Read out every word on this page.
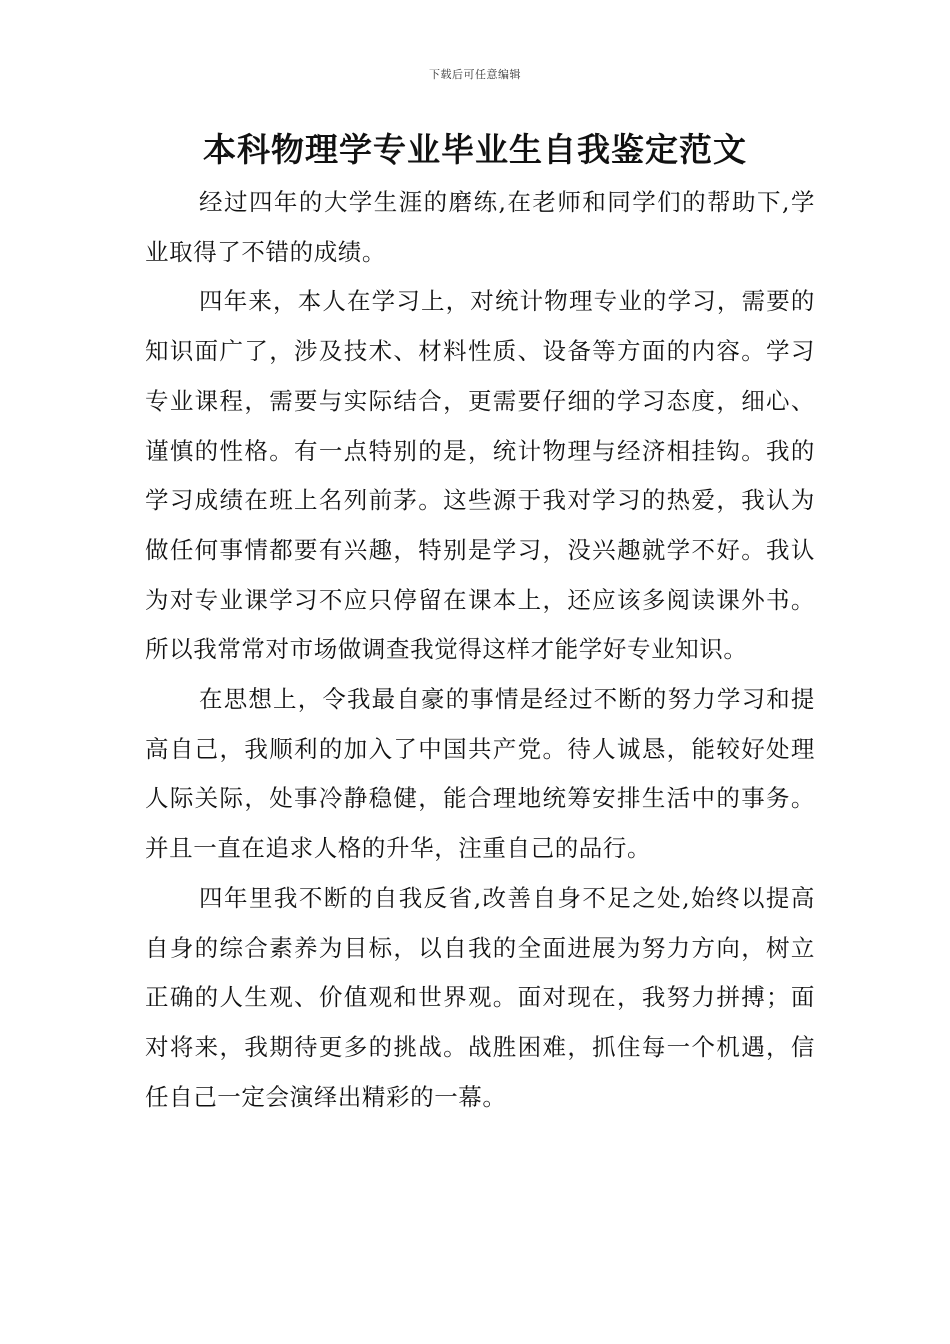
下载后可任意编辑
本科物理学专业毕业生自我鉴定范文

经过四年的大学生涯的磨练,在老师和同学们的帮助下,学业取得了不错的成绩。

四年来，本人在学习上，对统计物理专业的学习，需要的知识面广了，涉及技术、材料性质、设备等方面的内容。学习专业课程，需要与实际结合，更需要仔细的学习态度，细心、谨慎的性格。有一点特别的是，统计物理与经济相挂钩。我的学习成绩在班上名列前茅。这些源于我对学习的热爱，我认为做任何事情都要有兴趣，特别是学习，没兴趣就学不好。我认为对专业课学习不应只停留在课本上，还应该多阅读课外书。所以我常常对市场做调查我觉得这样才能学好专业知识。

在思想上，令我最自豪的事情是经过不断的努力学习和提高自己，我顺利的加入了中国共产党。待人诚恳，能较好处理人际关际，处事冷静稳健，能合理地统筹安排生活中的事务。并且一直在追求人格的升华，注重自己的品行。

四年里我不断的自我反省,改善自身不足之处,始终以提高自身的综合素养为目标，以自我的全面进展为努力方向，树立正确的人生观、价值观和世界观。面对现在，我努力拼搏；面对将来，我期待更多的挑战。战胜困难，抓住每一个机遇，信任自己一定会演绎出精彩的一幕。
